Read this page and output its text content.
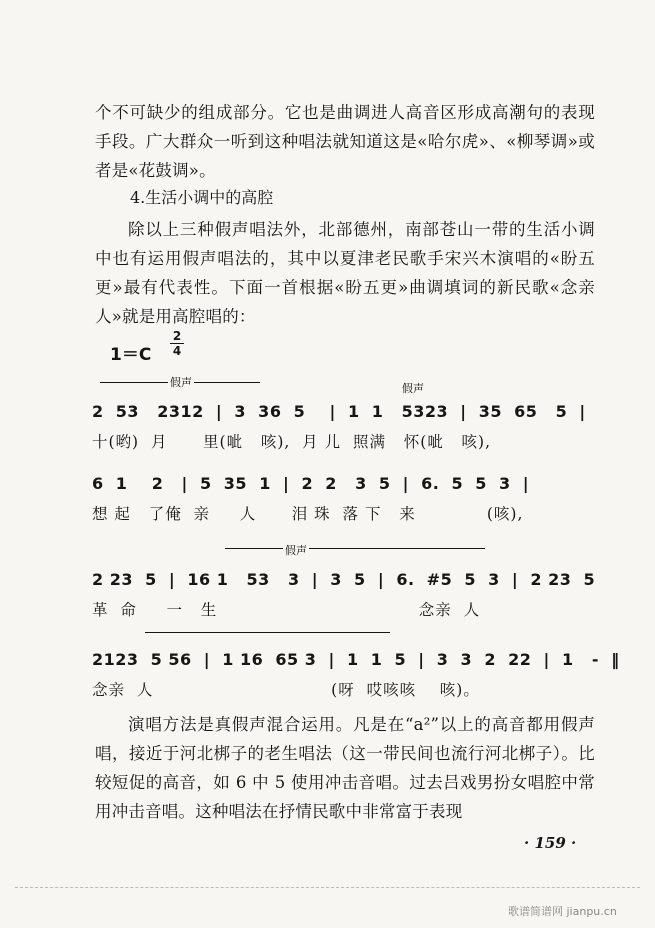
个不可缺少的组成部分。它也是曲调进人高音区形成高潮句的表现手段。广大群众一听到这种唱法就知道这是«哈尔虎»、«柳琴调»或者是«花鼓调»。

4.生活小调中的高腔

除以上三种假声唱法外，北部德州，南部苍山一带的生活小调中也有运用假声唱法的，其中以夏津老民歌手宋兴木演唱的«盼五更»最有代表性。下面一首根据«盼五更»曲调填词的新民歌«念亲人»就是用高腔唱的：

1＝C
2
4
假声	假声
2  53   2312  |  3  36  5    |  1  1   5323  |  35  65   5  |
十(哟)  月      里(呲   咳),  月 儿  照满   怀(呲   咳),
6  1    2   |  5  35  1  |  2  2   3  5  |  6.  5  5  3  |
想 起   了俺  亲     人      泪 珠  落 下   来            (咳),
假声
2 23  5  |  16 1   53   3  |  3  5  |  6.  #5  5  3  |  2 23  5
革  命     一   生                                  念亲  人
2123  5 56  |  1 16  65 3  |  1  1  5  |  3  3  2  22  |  1   -  ‖
念亲  人                              (呀  哎咳咳    咳)。

演唱方法是真假声混合运用。凡是在“a²”以上的高音都用假声唱，接近于河北梆子的老生唱法（这一带民间也流行河北梆子）。比较短促的高音，如 6 中 5 使用冲击音唱。过去吕戏男扮女唱腔中常用冲击音唱。这种唱法在抒情民歌中非常富于表现

· 159 ·
歌谱简谱网 jianpu.cn
